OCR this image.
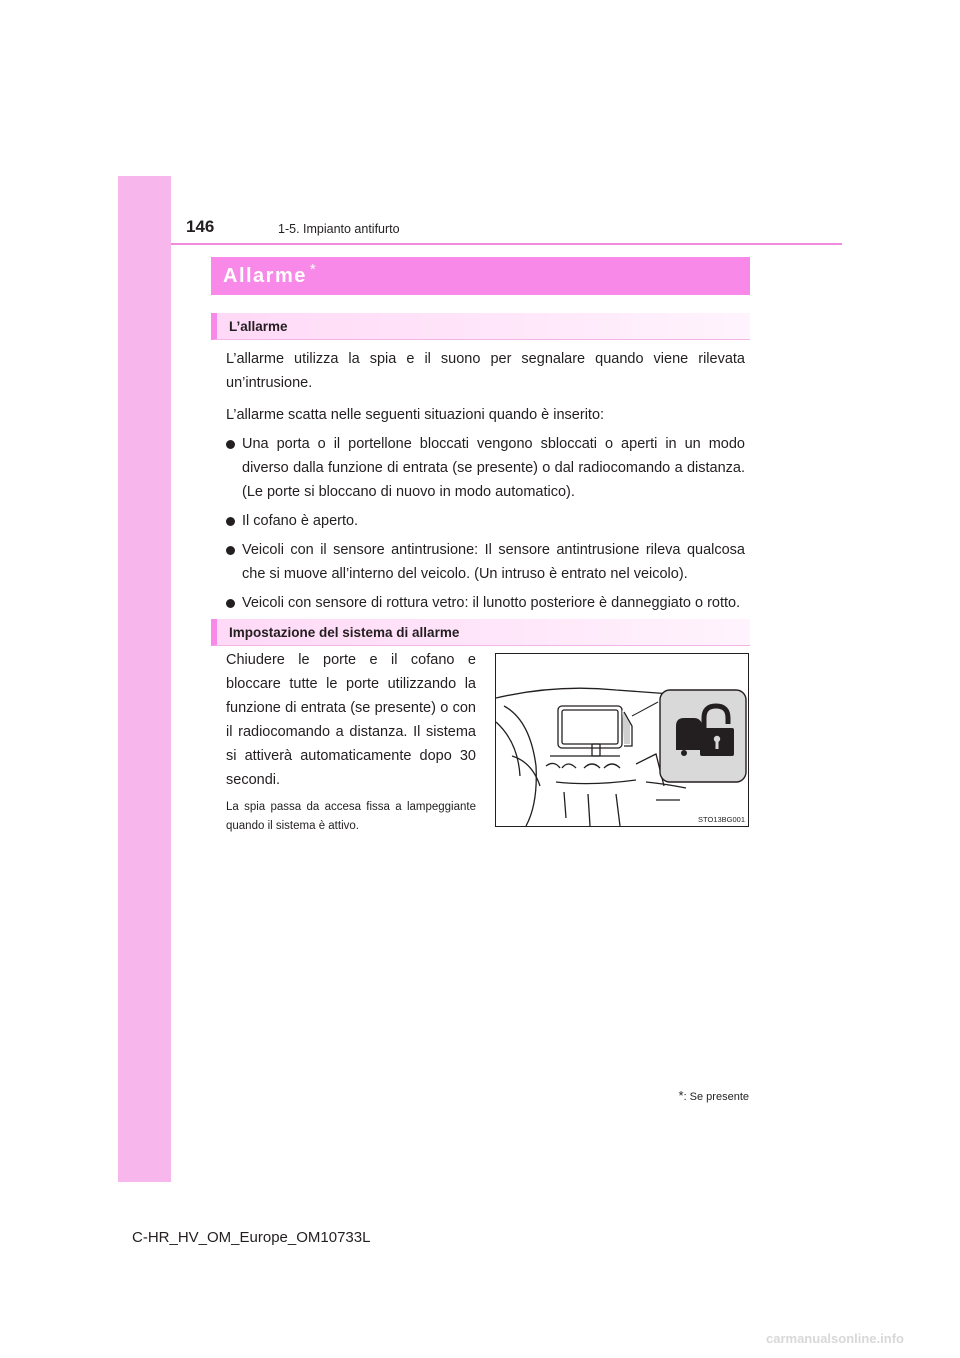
146	1-5. Impianto antifurto
Allarme *
L’allarme

L’allarme utilizza la spia e il suono per segnalare quando viene rilevata un’intrusione.

L’allarme scatta nelle seguenti situazioni quando è inserito:

Una porta o il portellone bloccati vengono sbloccati o aperti in un modo diverso dalla funzione di entrata (se presente) o dal radiocomando a distanza. (Le porte si bloccano di nuovo in modo automatico).
Il cofano è aperto.
Veicoli con il sensore antintrusione: Il sensore antintrusione rileva qualcosa che si muove all’interno del veicolo. (Un intruso è entrato nel veicolo).
Veicoli con sensore di rottura vetro: il lunotto posteriore è danneggiato o rotto.
Impostazione del sistema di allarme

Chiudere le porte e il cofano e bloccare tutte le porte utilizzando la funzione di entrata (se presente) o con il radiocomando a distanza. Il sistema si attiverà automaticamente dopo 30 secondi.

La spia passa da accesa fissa a lampeggiante quando il sistema è attivo.

STO13BG001
*: Se presente
C-HR_HV_OM_Europe_OM10733L
carmanualsonline.info
